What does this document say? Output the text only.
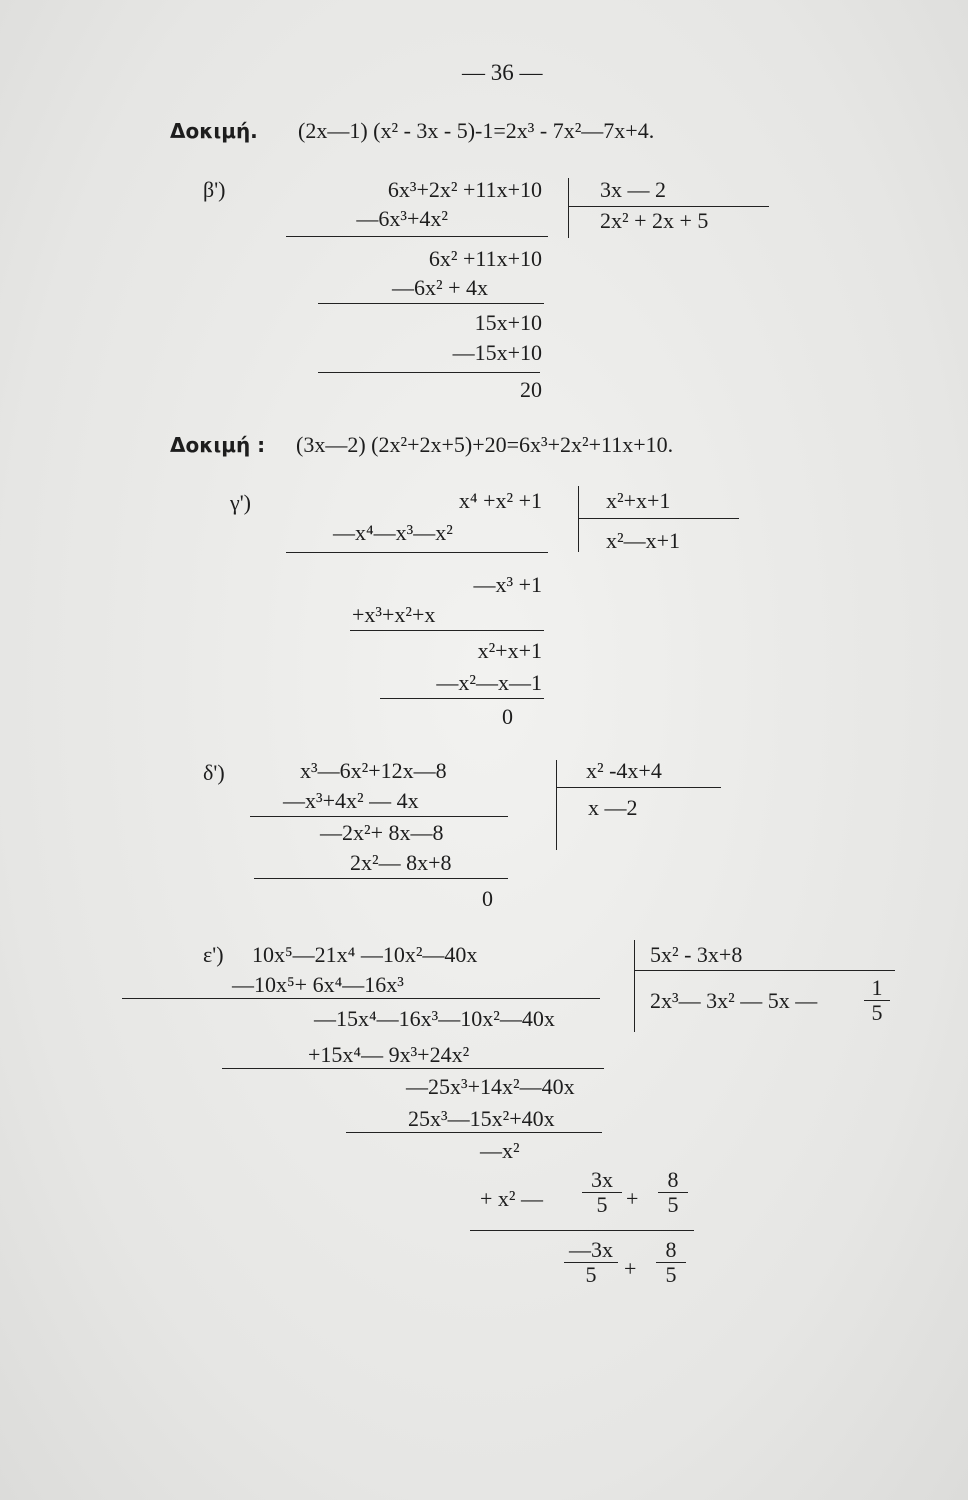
— 36 —
Δοκιμή. (2x—1) (x² - 3x - 5)-1=2x³ - 7x²—7x+4.
β')	6x³+2x² +11x+10
—6x³+4x²
6x² +11x+10
—6x² + 4x
15x+10
—15x+10
20
3x — 2
2x² + 2x + 5
Δοκιμή : (3x—2) (2x²+2x+5)+20=6x³+2x²+11x+10.
γ')	x⁴ +x² +1
—x⁴—x³—x²
—x³ +1
+x³+x²+x
x²+x+1
—x²—x—1
0
x²+x+1
x²—x+1
δ')	x³—6x²+12x—8
—x³+4x² — 4x
—2x²+ 8x—8
2x²— 8x+8
0
x² -4x+4
x —2
ε') 10x⁵—21x⁴ —10x²—40x
—10x⁵+ 6x⁴—16x³
—15x⁴—16x³—10x²—40x
+15x⁴— 9x³+24x²
—25x³+14x²—40x
25x³—15x²+40x
—x²
+ x² — $\frac{3x}{5} + \frac{8}{5}$
$\frac{—3x}{5} + \frac{8}{5}$
5x² - 3x+8
2x³— 3x² — 5x — $\frac{1}{5}$
